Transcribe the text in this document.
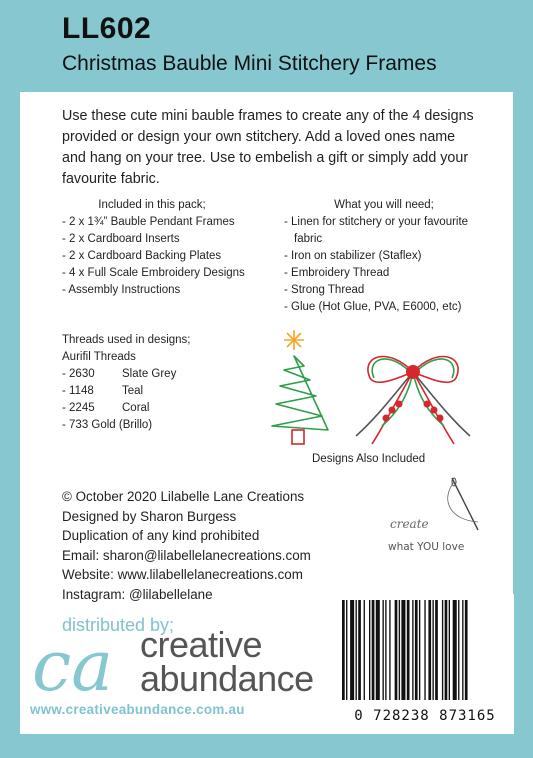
LL602
Christmas Bauble Mini Stitchery Frames
Use these cute mini bauble frames to create any of the 4 designs provided or design your own stitchery. Add a loved ones name and hang on your tree. Use to embelish a gift or simply add your favourite fabric.
Included in this pack;
- 2 x 1¾” Bauble Pendant Frames
- 2 x Cardboard Inserts
- 2 x Cardboard Backing Plates
- 4 x Full Scale Embroidery Designs
- Assembly Instructions
What you will need;
- Linen for stitchery or your favourite
fabric
- Iron on stabilizer (Staflex)
- Embroidery Thread
- Strong Thread
- Glue (Hot Glue, PVA, E6000, etc)
Threads used in designs;
Aurifil Threads
- 2630	Slate Grey
- 1148	Teal
- 2245	Coral
- 733 Gold (Brillo)
Designs Also Included
© October 2020 Lilabelle Lane Creations
Designed by Sharon Burgess
Duplication of any kind prohibited
Email: sharon@lilabellelanecreations.com
Website: www.lilabellelanecreations.com
Instagram: @lilabellelane
create
what YOU love
distributed by;
ca creative
abundance
www.creativeabundance.com.au	0 728238 873165
